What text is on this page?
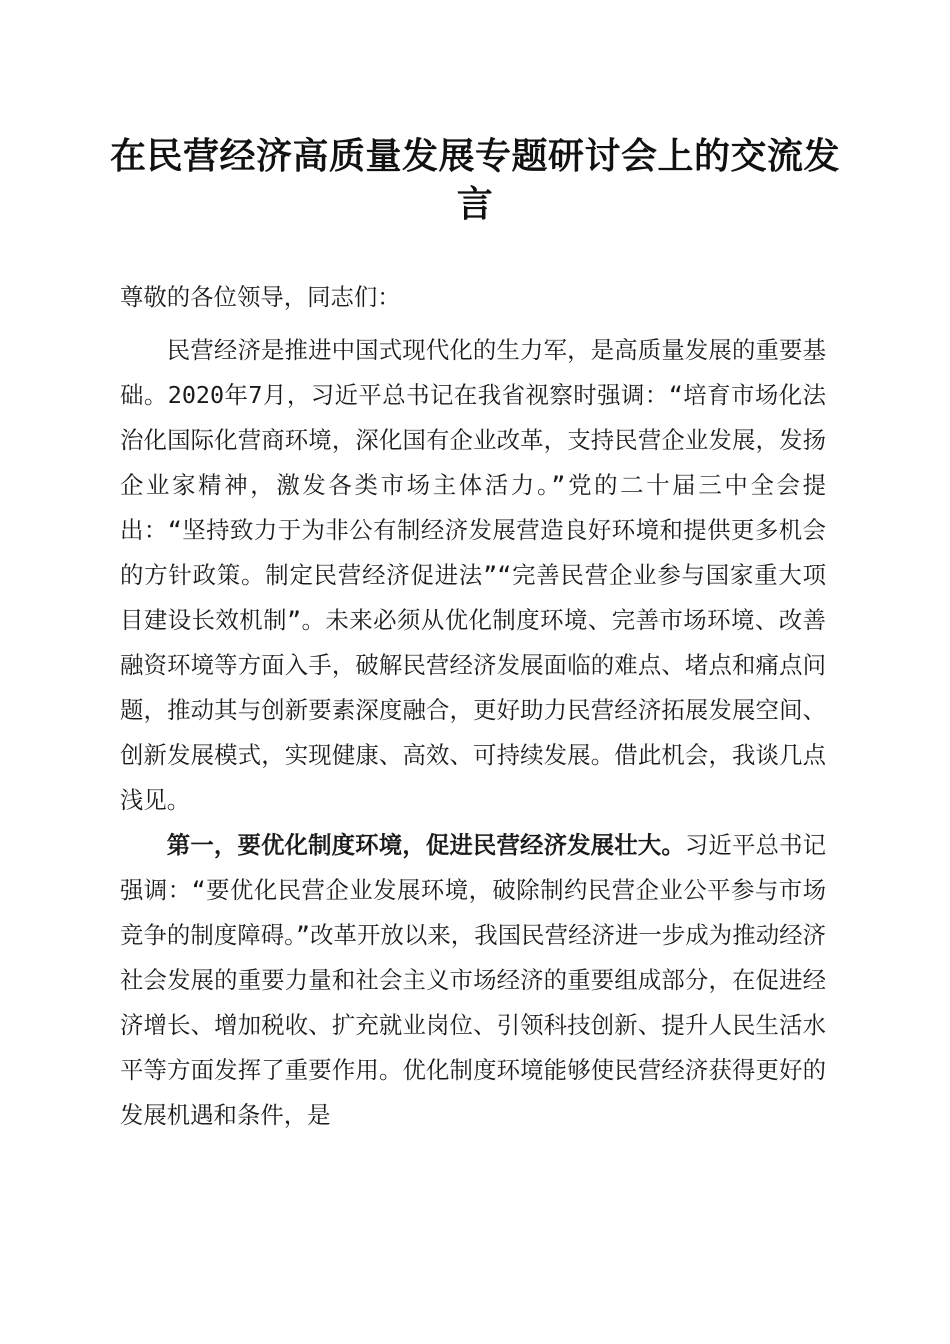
在民营经济高质量发展专题研讨会上的交流发言
尊敬的各位领导，同志们：
民营经济是推进中国式现代化的生力军，是高质量发展的重要基础。2020年7月，习近平总书记在我省视察时强调：“培育市场化法治化国际化营商环境，深化国有企业改革，支持民营企业发展，发扬企业家精神，激发各类市场主体活力。”党的二十届三中全会提出：“坚持致力于为非公有制经济发展营造良好环境和提供更多机会的方针政策。制定民营经济促进法”“完善民营企业参与国家重大项目建设长效机制”。未来必须从优化制度环境、完善市场环境、改善融资环境等方面入手，破解民营经济发展面临的难点、堵点和痛点问题，推动其与创新要素深度融合，更好助力民营经济拓展发展空间、创新发展模式，实现健康、高效、可持续发展。借此机会，我谈几点浅见。
第一，要优化制度环境，促进民营经济发展壮大。习近平总书记强调：“要优化民营企业发展环境，破除制约民营企业公平参与市场竞争的制度障碍。”改革开放以来，我国民营经济进一步成为推动经济社会发展的重要力量和社会主义市场经济的重要组成部分，在促进经济增长、增加税收、扩充就业岗位、引领科技创新、提升人民生活水平等方面发挥了重要作用。优化制度环境能够使民营经济获得更好的发展机遇和条件，是
